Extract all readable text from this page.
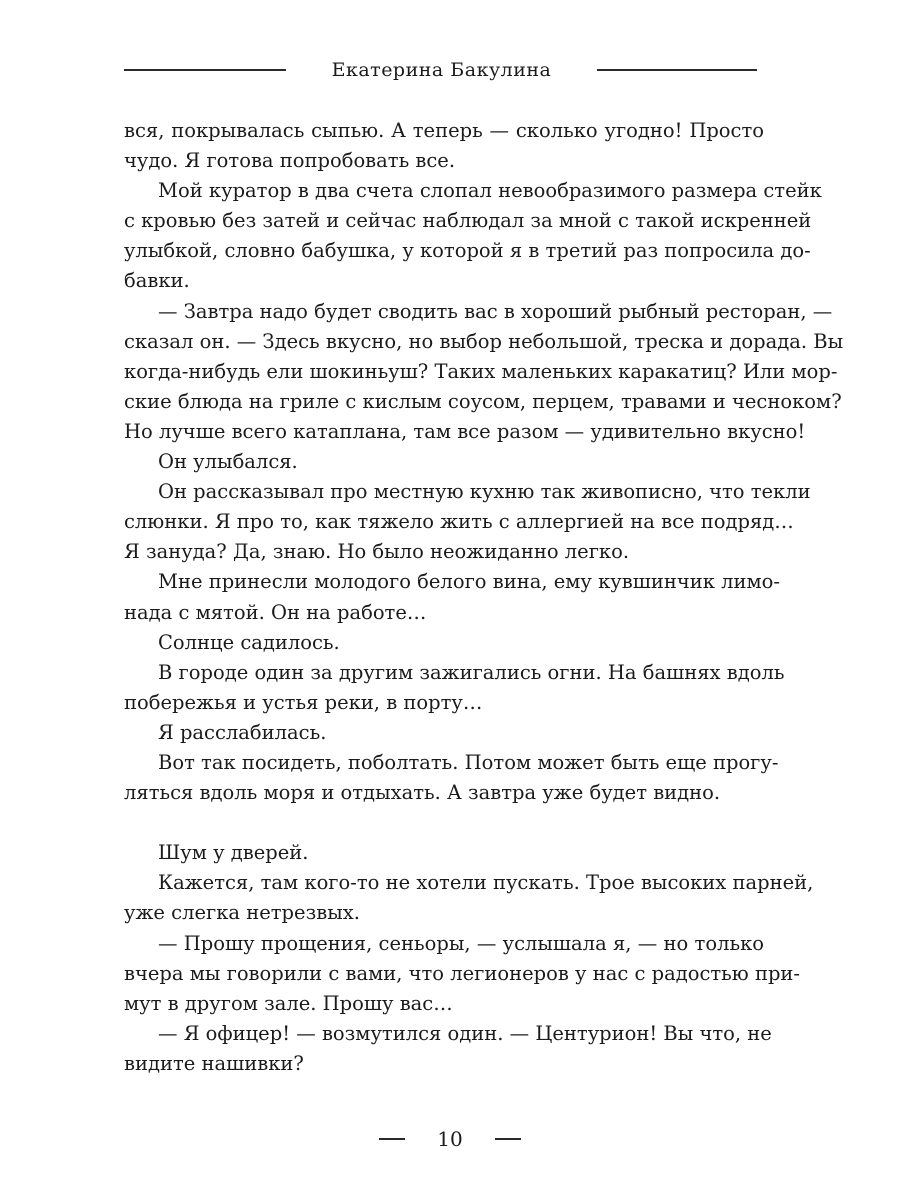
Екатерина Бакулина
вся, покрывалась сыпью. А теперь — сколько угодно! Просто
чудо. Я готова попробовать все.
Мой куратор в два счета слопал невообразимого размера стейк
с кровью без затей и сейчас наблюдал за мной с такой искренней
улыбкой, словно бабушка, у которой я в третий раз попросила до-
бавки.
— Завтра надо будет сводить вас в хороший рыбный ресторан, —
сказал он. — Здесь вкусно, но выбор небольшой, треска и дорада. Вы
когда-нибудь ели шокиньуш? Таких маленьких каракатиц? Или мор-
ские блюда на гриле с кислым соусом, перцем, травами и чесноком?
Но лучше всего катаплана, там все разом — удивительно вкусно!
Он улыбался.
Он рассказывал про местную кухню так живописно, что текли
слюнки. Я про то, как тяжело жить с аллергией на все подряд…
Я зануда? Да, знаю. Но было неожиданно легко.
Мне принесли молодого белого вина, ему кувшинчик лимо-
нада с мятой. Он на работе…
Солнце садилось.
В городе один за другим зажигались огни. На башнях вдоль
побережья и устья реки, в порту…
Я расслабилась.
Вот так посидеть, поболтать. Потом может быть еще прогу-
ляться вдоль моря и отдыхать. А завтра уже будет видно.
Шум у дверей.
Кажется, там кого-то не хотели пускать. Трое высоких парней,
уже слегка нетрезвых.
— Прошу прощения, сеньоры, — услышала я, — но только
вчера мы говорили с вами, что легионеров у нас с радостью при-
мут в другом зале. Прошу вас…
— Я офицер! — возмутился один. — Центурион! Вы что, не
видите нашивки?
10
